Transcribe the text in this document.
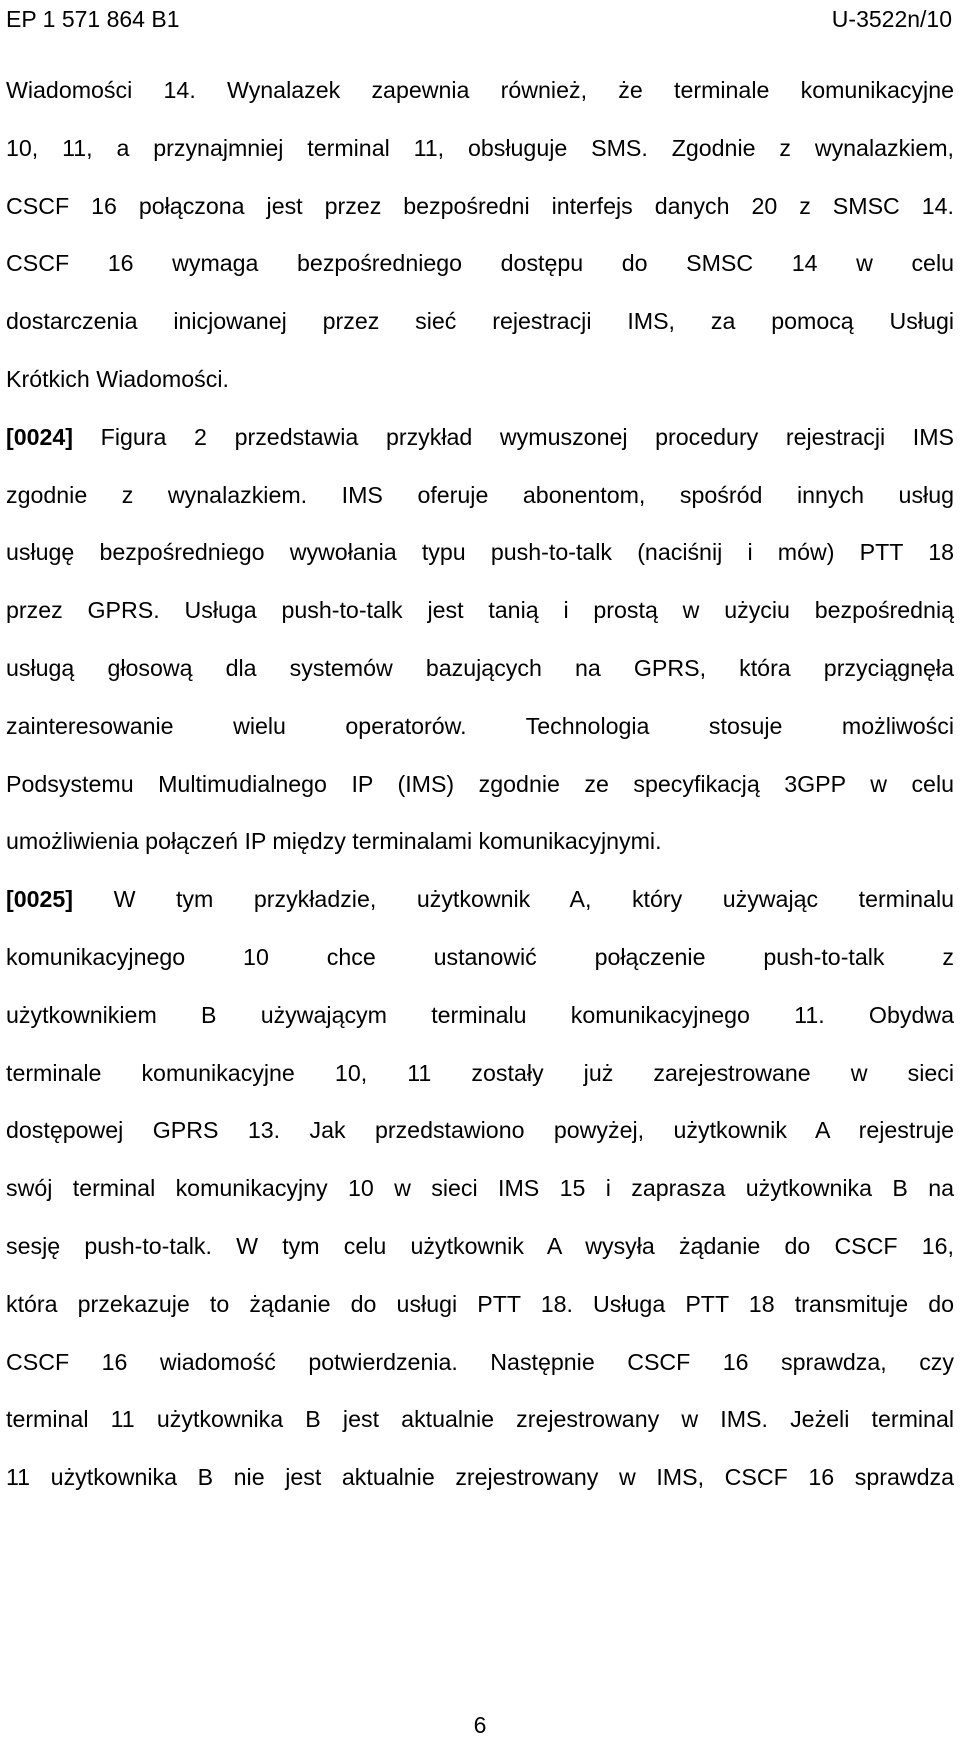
EP 1 571 864 B1	U-3522n/10
Wiadomości 14. Wynalazek zapewnia również, że terminale komunikacyjne
10, 11, a przynajmniej terminal 11, obsługuje SMS. Zgodnie z wynalazkiem,
CSCF 16 połączona jest przez bezpośredni interfejs danych 20 z SMSC 14.
CSCF 16 wymaga bezpośredniego dostępu do SMSC 14 w celu
dostarczenia inicjowanej przez sieć rejestracji IMS, za pomocą Usługi
Krótkich Wiadomości.
[0024] Figura 2 przedstawia przykład wymuszonej procedury rejestracji IMS
zgodnie z wynalazkiem. IMS oferuje abonentom, spośród innych usług
usługę bezpośredniego wywołania typu push-to-talk (naciśnij i mów) PTT 18
przez GPRS. Usługa push-to-talk jest tanią i prostą w użyciu bezpośrednią
usługą głosową dla systemów bazujących na GPRS, która przyciągnęła
zainteresowanie wielu operatorów. Technologia stosuje możliwości
Podsystemu Multimudialnego IP (IMS) zgodnie ze specyfikacją 3GPP w celu
umożliwienia połączeń IP między terminalami komunikacyjnymi.
[0025] W tym przykładzie, użytkownik A, który używając terminalu
komunikacyjnego 10 chce ustanowić połączenie push-to-talk z
użytkownikiem B używającym terminalu komunikacyjnego 11. Obydwa
terminale komunikacyjne 10, 11 zostały już zarejestrowane w sieci
dostępowej GPRS 13. Jak przedstawiono powyżej, użytkownik A rejestruje
swój terminal komunikacyjny 10 w sieci IMS 15 i zaprasza użytkownika B na
sesję push-to-talk. W tym celu użytkownik A wysyła żądanie do CSCF 16,
która przekazuje to żądanie do usługi PTT 18. Usługa PTT 18 transmituje do
CSCF 16 wiadomość potwierdzenia. Następnie CSCF 16 sprawdza, czy
terminal 11 użytkownika B jest aktualnie zrejestrowany w IMS. Jeżeli terminal
11 użytkownika B nie jest aktualnie zrejestrowany w IMS, CSCF 16 sprawdza
6
